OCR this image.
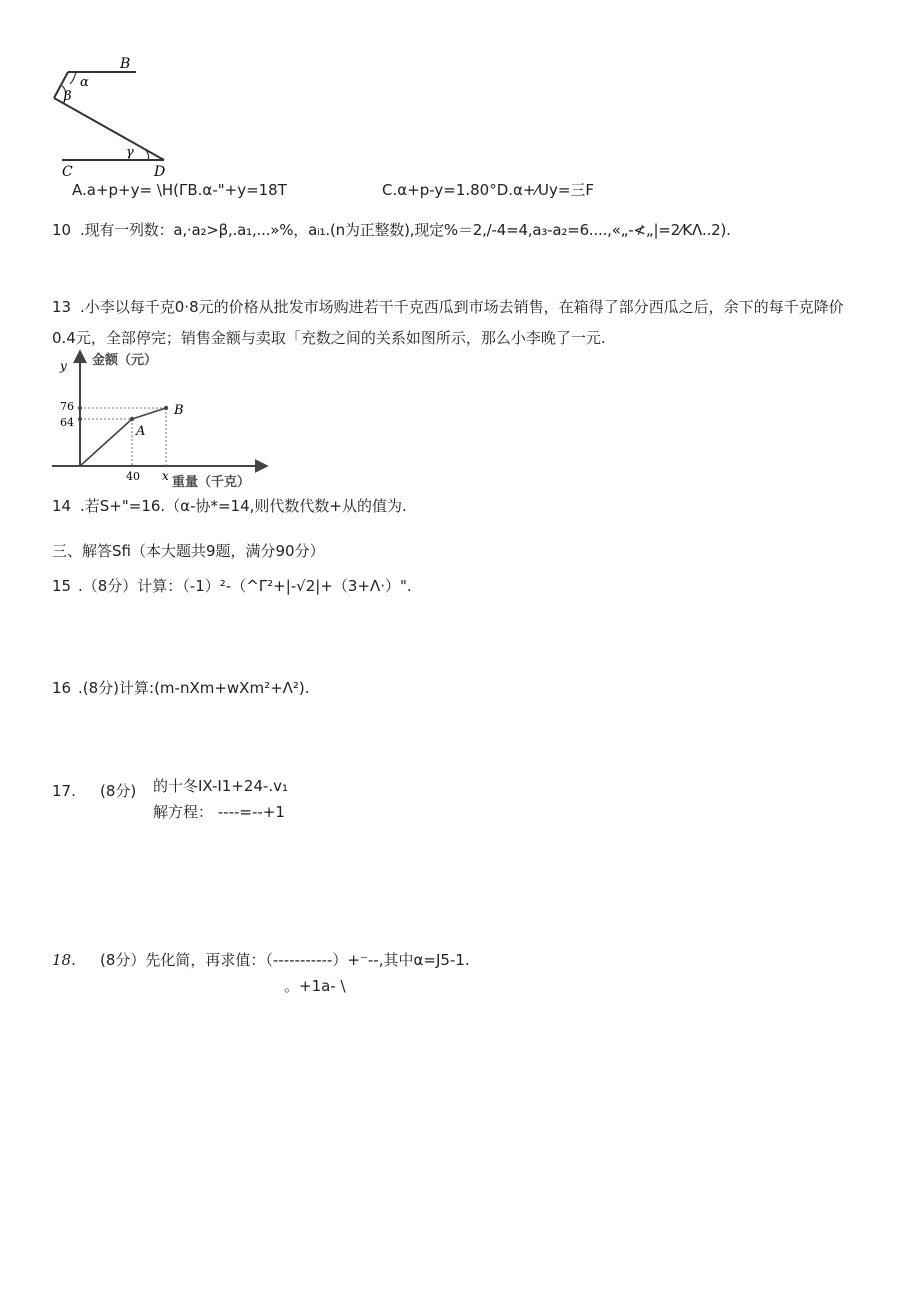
B
α
β
γ
C	D
A.a+p+y= \H(ΓB.α-"+y=18T	C.α+p-y=1.80°D.α+⁄Uy=三F
10 .现有一列数：a,·a₂>β,.a₁,...»%，aᵢ₁.(n为正整数),现定%＝2,/-4=4,a₃-a₂=6....,«„-≮„|=2⁄KΛ..2).
13 .小李以每千克0·8元的价格从批发市场购进若干千克西瓜到市场去销售，在箱得了部分西瓜之后，余下的每千克降价
0.4元，全部停完；销售金额与卖取「充数之间的关系如图所示，那么小李晚了一元.
y 金额（元）
76
64
B
A
40 x 重量（千克）
14 .若S+"=16.（α-协*=14,则代数代数+从的值为.
三、解答Sfi（本大题共9题，满分90分）
15 .（8分）计算：（-1）²-（^Γ²+|-√2|+（3+Λ·）".
16 .(8分)计算:(m-nXm+wXm²+Λ²).
17. (8分) 的十冬IX-I1+24-.v₁
解方程： ----=--+1
18. (8分）先化简，再求值：（-----------）+⁻--,其中α=J5-1.
。+1a- \
